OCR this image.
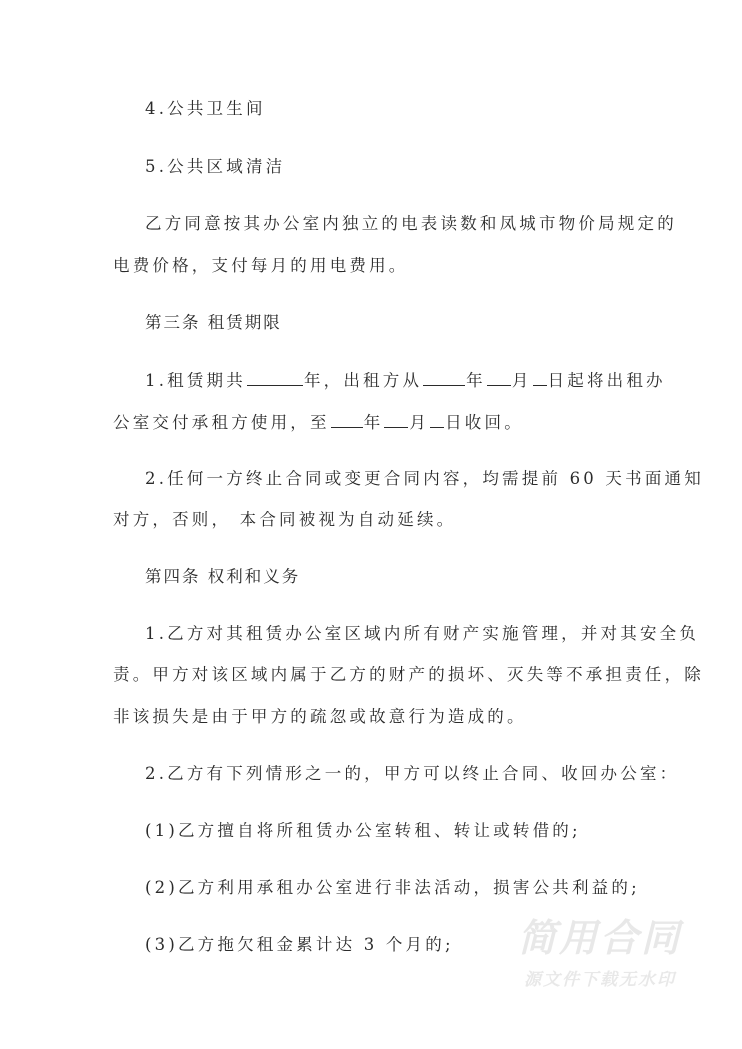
4.公共卫生间
5.公共区域清洁
乙方同意按其办公室内独立的电表读数和凤城市物价局规定的
电费价格，支付每月的用电费用。
第三条 租赁期限
1.租赁期共	年，出租方从	年 月 日起将出租办
公室交付承租方使用，至 年 月 日收回。
2.任何一方终止合同或变更合同内容，均需提前 60 天书面通知
对方，否则， 本合同被视为自动延续。
第四条 权利和义务
1.乙方对其租赁办公室区域内所有财产实施管理，并对其安全负
责。甲方对该区域内属于乙方的财产的损坏、灭失等不承担责任，除
非该损失是由于甲方的疏忽或故意行为造成的。
2.乙方有下列情形之一的，甲方可以终止合同、收回办公室：
(1)乙方擅自将所租赁办公室转租、转让或转借的;
(2)乙方利用承租办公室进行非法活动，损害公共利益的;
(3)乙方拖欠租金累计达 3 个月的; 简用合同
源文件下载无水印
